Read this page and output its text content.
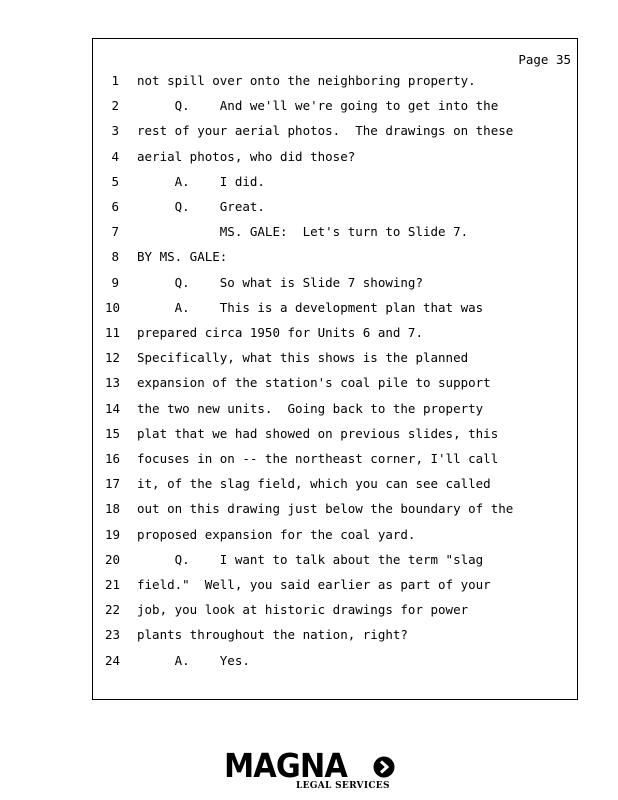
Page 35
1 not spill over onto the neighboring property.
2 Q.    And we'll we're going to get into the
3 rest of your aerial photos.  The drawings on these
4 aerial photos, who did those?
5 A.    I did.
6 Q.    Great.
7 MS. GALE:  Let's turn to Slide 7.
8 BY MS. GALE:
9 Q.    So what is Slide 7 showing?
10 A.    This is a development plan that was
11 prepared circa 1950 for Units 6 and 7.
12 Specifically, what this shows is the planned
13 expansion of the station's coal pile to support
14 the two new units.  Going back to the property
15 plat that we had showed on previous slides, this
16 focuses in on -- the northeast corner, I'll call
17 it, of the slag field, which you can see called
18 out on this drawing just below the boundary of the
19 proposed expansion for the coal yard.
20 Q.    I want to talk about the term "slag
21 field."  Well, you said earlier as part of your
22 job, you look at historic drawings for power
23 plants throughout the nation, right?
24 A.    Yes.
MAGNA
LEGAL SERVICES
